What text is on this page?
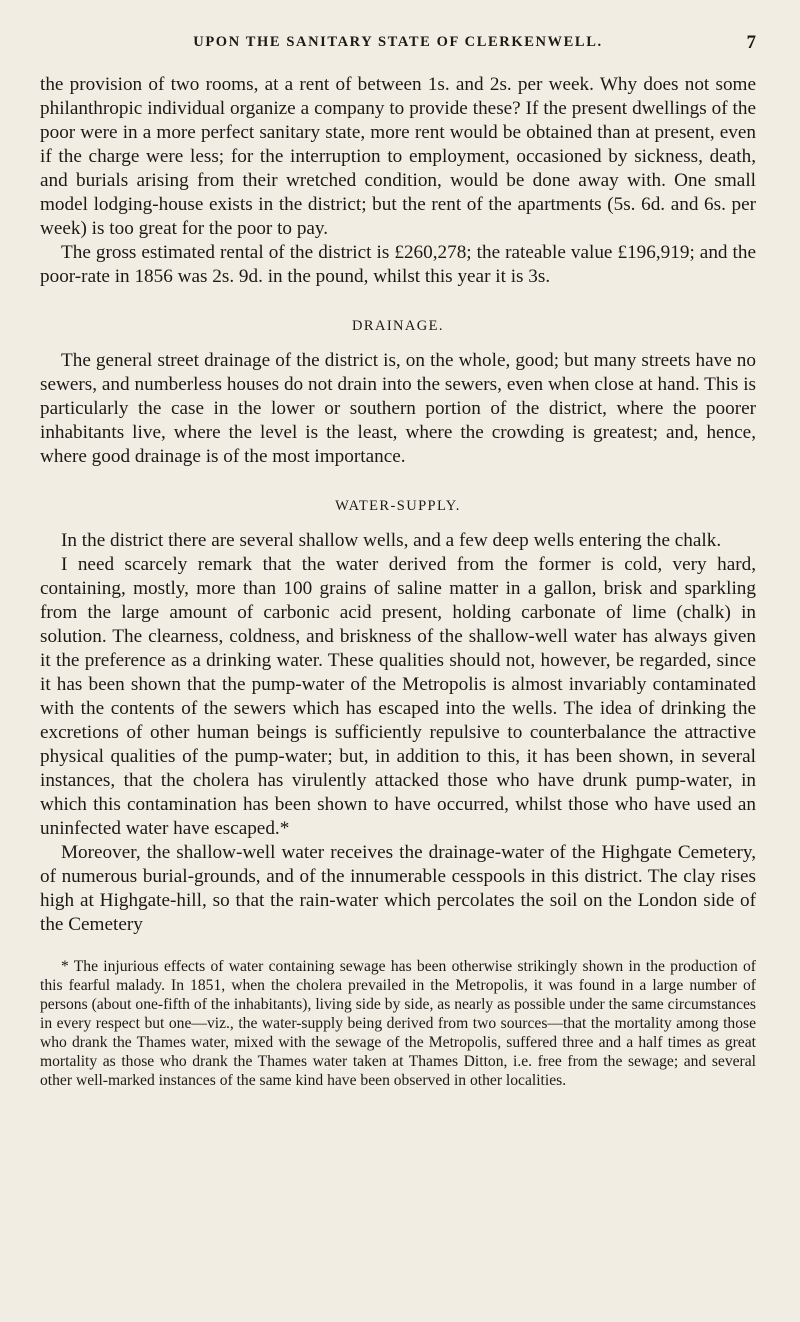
UPON THE SANITARY STATE OF CLERKENWELL.	7

the provision of two rooms, at a rent of between 1s. and 2s. per week. Why does not some philanthropic individual organize a company to provide these? If the present dwellings of the poor were in a more perfect sanitary state, more rent would be obtained than at present, even if the charge were less; for the interruption to employment, occasioned by sickness, death, and burials arising from their wretched condition, would be done away with. One small model lodging-house exists in the district; but the rent of the apartments (5s. 6d. and 6s. per week) is too great for the poor to pay.

The gross estimated rental of the district is £260,278; the rateable value £196,919; and the poor-rate in 1856 was 2s. 9d. in the pound, whilst this year it is 3s.

DRAINAGE.

The general street drainage of the district is, on the whole, good; but many streets have no sewers, and numberless houses do not drain into the sewers, even when close at hand. This is particularly the case in the lower or southern portion of the district, where the poorer inhabitants live, where the level is the least, where the crowding is greatest; and, hence, where good drainage is of the most importance.

WATER-SUPPLY.

In the district there are several shallow wells, and a few deep wells entering the chalk.

I need scarcely remark that the water derived from the former is cold, very hard, containing, mostly, more than 100 grains of saline matter in a gallon, brisk and sparkling from the large amount of carbonic acid present, holding carbonate of lime (chalk) in solution. The clearness, coldness, and briskness of the shallow-well water has always given it the preference as a drinking water. These qualities should not, however, be regarded, since it has been shown that the pump-water of the Metropolis is almost invariably contaminated with the contents of the sewers which has escaped into the wells. The idea of drinking the excretions of other human beings is sufficiently repulsive to counterbalance the attractive physical qualities of the pump-water; but, in addition to this, it has been shown, in several instances, that the cholera has virulently attacked those who have drunk pump-water, in which this contamination has been shown to have occurred, whilst those who have used an uninfected water have escaped.*

Moreover, the shallow-well water receives the drainage-water of the Highgate Cemetery, of numerous burial-grounds, and of the innumerable cesspools in this district. The clay rises high at Highgate-hill, so that the rain-water which percolates the soil on the London side of the Cemetery

* The injurious effects of water containing sewage has been otherwise strikingly shown in the production of this fearful malady. In 1851, when the cholera prevailed in the Metropolis, it was found in a large number of persons (about one-fifth of the inhabitants), living side by side, as nearly as possible under the same circumstances in every respect but one—viz., the water-supply being derived from two sources—that the mortality among those who drank the Thames water, mixed with the sewage of the Metropolis, suffered three and a half times as great mortality as those who drank the Thames water taken at Thames Ditton, i.e. free from the sewage; and several other well-marked instances of the same kind have been observed in other localities.
